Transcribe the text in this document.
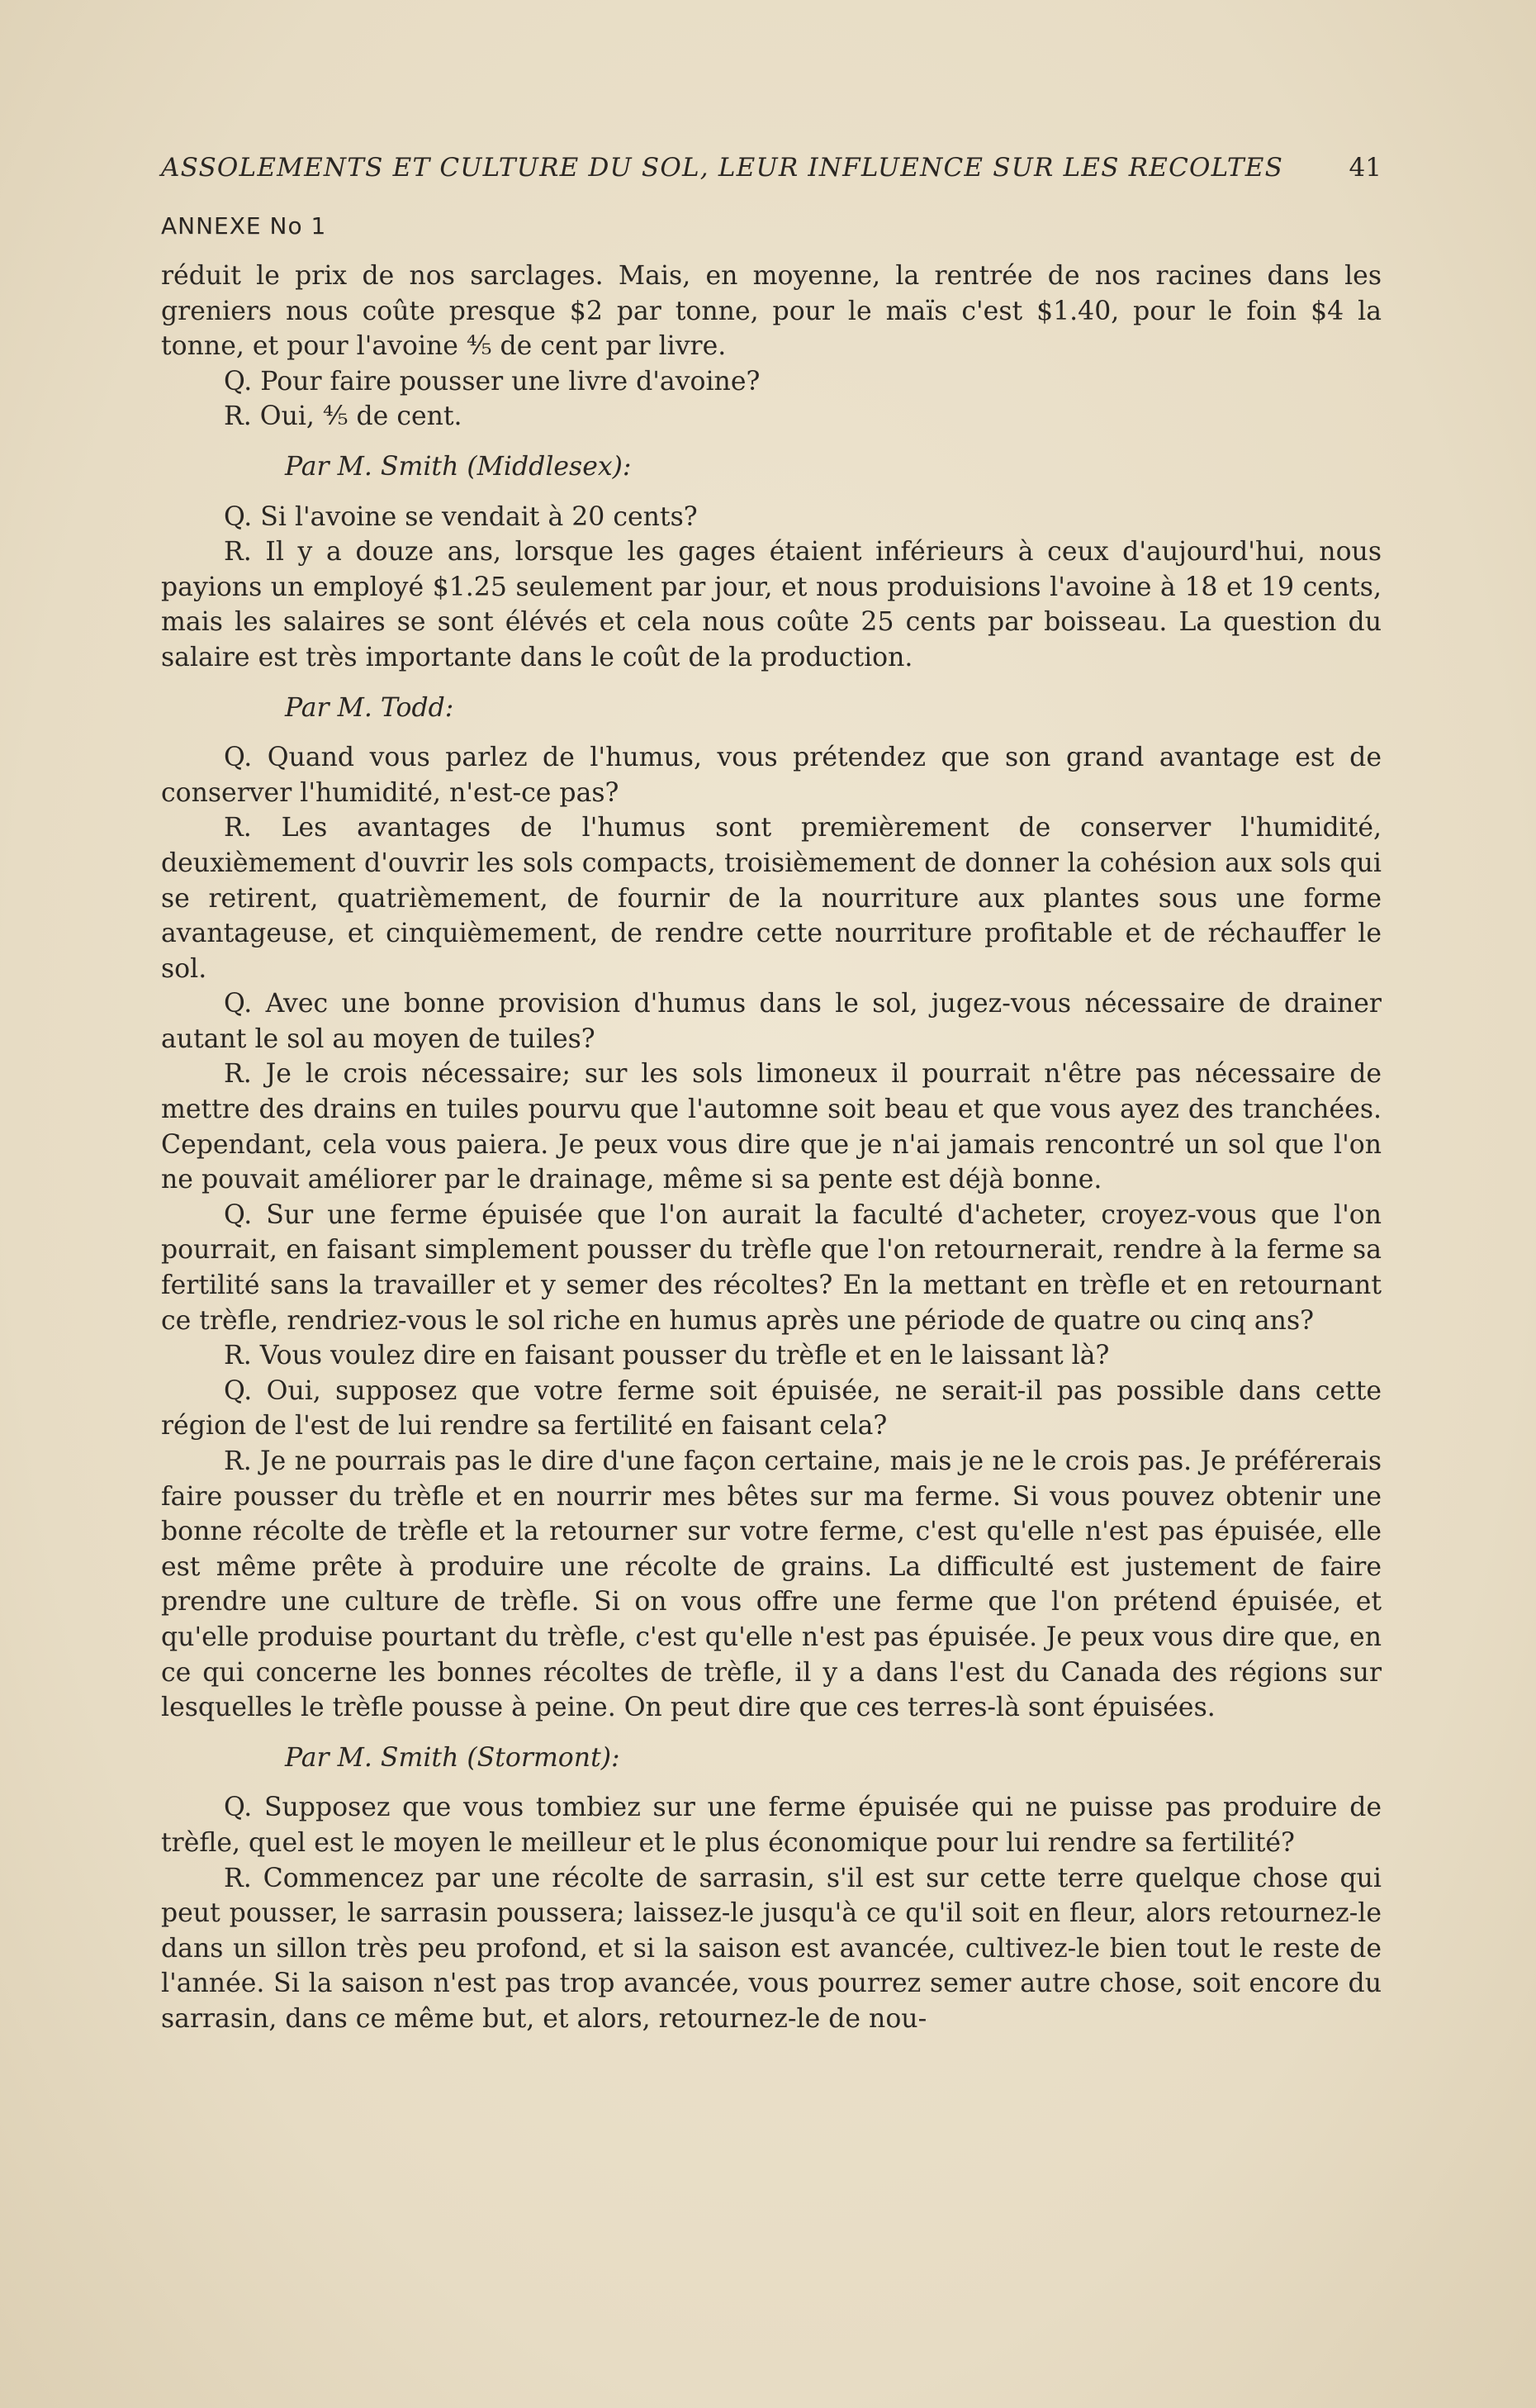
ASSOLEMENTS ET CULTURE DU SOL, LEUR INFLUENCE SUR LES RECOLTES	41
ANNEXE No 1

réduit le prix de nos sarclages. Mais, en moyenne, la rentrée de nos racines dans les greniers nous coûte presque $2 par tonne, pour le maïs c'est $1.40, pour le foin $4 la tonne, et pour l'avoine ⅘ de cent par livre.

Q. Pour faire pousser une livre d'avoine?

R. Oui, ⅘ de cent.

Par M. Smith (Middlesex):

Q. Si l'avoine se vendait à 20 cents?

R. Il y a douze ans, lorsque les gages étaient inférieurs à ceux d'aujourd'hui, nous payions un employé $1.25 seulement par jour, et nous produisions l'avoine à 18 et 19 cents, mais les salaires se sont élévés et cela nous coûte 25 cents par boisseau. La question du salaire est très importante dans le coût de la production.

Par M. Todd:

Q. Quand vous parlez de l'humus, vous prétendez que son grand avantage est de conserver l'humidité, n'est-ce pas?

R. Les avantages de l'humus sont premièrement de conserver l'humidité, deuxièmement d'ouvrir les sols compacts, troisièmement de donner la cohésion aux sols qui se retirent, quatrièmement, de fournir de la nourriture aux plantes sous une forme avantageuse, et cinquièmement, de rendre cette nourriture profitable et de réchauffer le sol.

Q. Avec une bonne provision d'humus dans le sol, jugez-vous nécessaire de drainer autant le sol au moyen de tuiles?

R. Je le crois nécessaire; sur les sols limoneux il pourrait n'être pas nécessaire de mettre des drains en tuiles pourvu que l'automne soit beau et que vous ayez des tranchées. Cependant, cela vous paiera. Je peux vous dire que je n'ai jamais rencontré un sol que l'on ne pouvait améliorer par le drainage, même si sa pente est déjà bonne.

Q. Sur une ferme épuisée que l'on aurait la faculté d'acheter, croyez-vous que l'on pourrait, en faisant simplement pousser du trèfle que l'on retournerait, rendre à la ferme sa fertilité sans la travailler et y semer des récoltes? En la mettant en trèfle et en retournant ce trèfle, rendriez-vous le sol riche en humus après une période de quatre ou cinq ans?

R. Vous voulez dire en faisant pousser du trèfle et en le laissant là?

Q. Oui, supposez que votre ferme soit épuisée, ne serait-il pas possible dans cette région de l'est de lui rendre sa fertilité en faisant cela?

R. Je ne pourrais pas le dire d'une façon certaine, mais je ne le crois pas. Je préférerais faire pousser du trèfle et en nourrir mes bêtes sur ma ferme. Si vous pouvez obtenir une bonne récolte de trèfle et la retourner sur votre ferme, c'est qu'elle n'est pas épuisée, elle est même prête à produire une récolte de grains. La difficulté est justement de faire prendre une culture de trèfle. Si on vous offre une ferme que l'on prétend épuisée, et qu'elle produise pourtant du trèfle, c'est qu'elle n'est pas épuisée. Je peux vous dire que, en ce qui concerne les bonnes récoltes de trèfle, il y a dans l'est du Canada des régions sur lesquelles le trèfle pousse à peine. On peut dire que ces terres-là sont épuisées.

Par M. Smith (Stormont):

Q. Supposez que vous tombiez sur une ferme épuisée qui ne puisse pas produire de trèfle, quel est le moyen le meilleur et le plus économique pour lui rendre sa fertilité?

R. Commencez par une récolte de sarrasin, s'il est sur cette terre quelque chose qui peut pousser, le sarrasin poussera; laissez-le jusqu'à ce qu'il soit en fleur, alors retournez-le dans un sillon très peu profond, et si la saison est avancée, cultivez-le bien tout le reste de l'année. Si la saison n'est pas trop avancée, vous pourrez semer autre chose, soit encore du sarrasin, dans ce même but, et alors, retournez-le de nou-
